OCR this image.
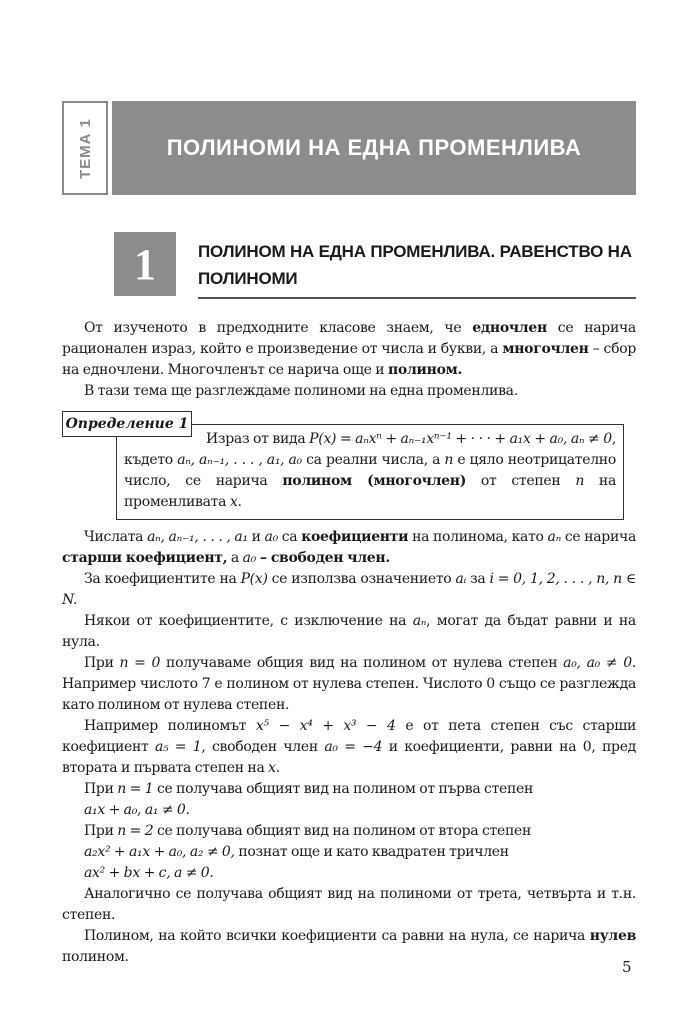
ТЕМА 1	ПОЛИНОМИ НА ЕДНА ПРОМЕНЛИВА
1 ПОЛИНОМ НА ЕДНА ПРОМЕНЛИВА. РАВЕНСТВО НА ПОЛИНОМИ

От изученото в предходните класове знаем, че едночлен се нарича рационален израз, който е произведение от числа и букви, а многочлен – сбор на едночлени. Многочленът се нарича още и полином.

В тази тема ще разглеждаме полиноми на една променлива.

Определение 1

Израз от вида P(x) = aₙxⁿ + aₙ₋₁xⁿ⁻¹ + · · · + a₁x + a₀, aₙ ≠ 0, където aₙ, aₙ₋₁, . . . , a₁, a₀ са реални числа, а n е цяло неотрицателно число, се нарича полином (многочлен) от степен n на променливата x.

Числата aₙ, aₙ₋₁, . . . , a₁ и a₀ са коефициенти на полинома, като aₙ се нарича старши коефициент, а a₀ – свободен член.

За коефициентите на P(x) се използва означението aᵢ за i = 0, 1, 2, . . . , n, n ∈ N.

Някои от коефициентите, с изключение на aₙ, могат да бъдат равни и на нула.

При n = 0 получаваме общия вид на полином от нулева степен a₀, a₀ ≠ 0. Например числото 7 е полином от нулева степен. Числото 0 също се разглежда като полином от нулева степен.

Например полиномът x⁵ − x⁴ + x³ − 4 е от пета степен със старши коефициент a₅ = 1, свободен член a₀ = −4 и коефициенти, равни на 0, пред втората и първата степен на x.

При n = 1 се получава общият вид на полином от първа степен

a₁x + a₀, a₁ ≠ 0.

При n = 2 се получава общият вид на полином от втора степен

a₂x² + a₁x + a₀, a₂ ≠ 0, познат още и като квадратен тричлен

ax² + bx + c, a ≠ 0.

Аналогично се получава общият вид на полиноми от трета, четвърта и т.н. степен.

Полином, на който всички коефициенти са равни на нула, се нарича нулев полином.

5
